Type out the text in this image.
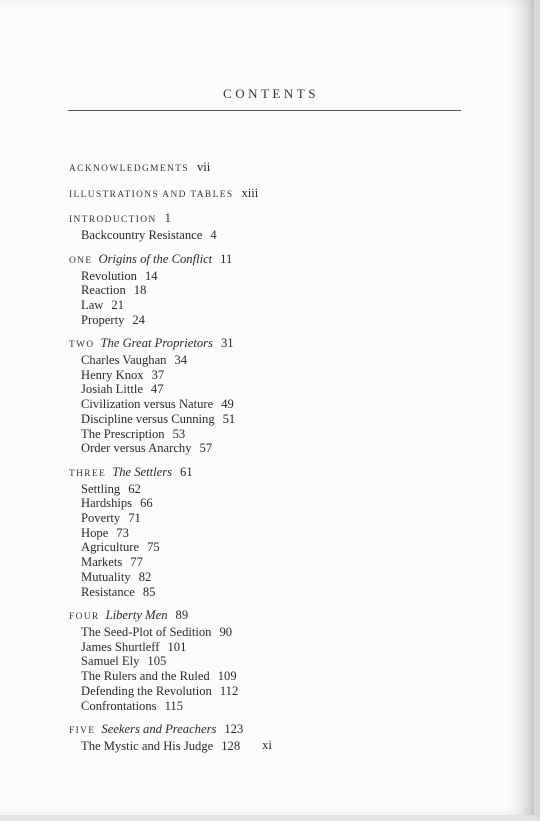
CONTENTS
ACKNOWLEDGMENTS vii
ILLUSTRATIONS AND TABLES xiii
INTRODUCTION 1
Backcountry Resistance 4
ONE Origins of the Conflict 11
Revolution 14
Reaction 18
Law 21
Property 24
TWO The Great Proprietors 31
Charles Vaughan 34
Henry Knox 37
Josiah Little 47
Civilization versus Nature 49
Discipline versus Cunning 51
The Prescription 53
Order versus Anarchy 57
THREE The Settlers 61
Settling 62
Hardships 66
Poverty 71
Hope 73
Agriculture 75
Markets 77
Mutuality 82
Resistance 85
FOUR Liberty Men 89
The Seed-Plot of Sedition 90
James Shurtleff 101
Samuel Ely 105
The Rulers and the Ruled 109
Defending the Revolution 112
Confrontations 115
FIVE Seekers and Preachers 123
The Mystic and His Judge 128	xi
